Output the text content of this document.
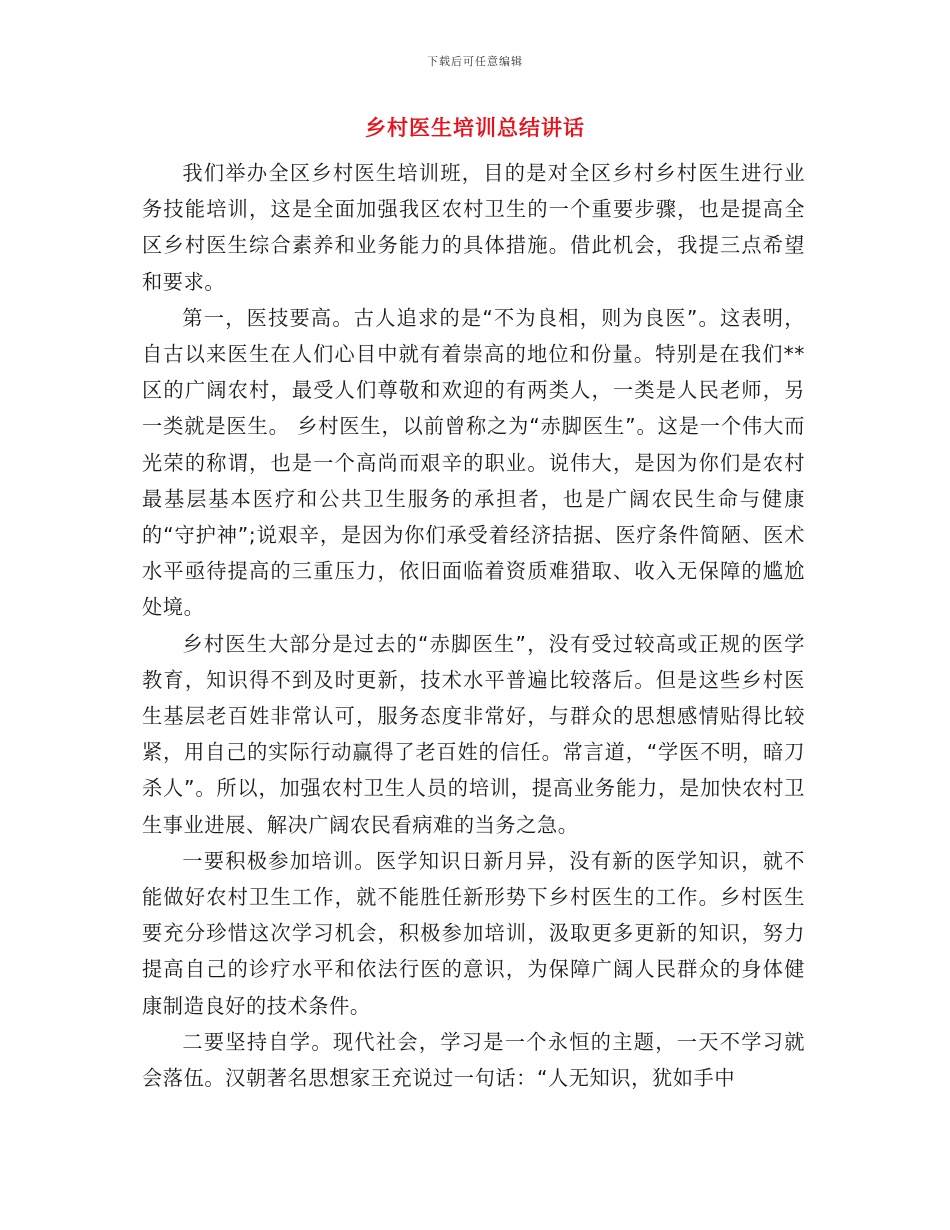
下载后可任意编辑
乡村医生培训总结讲话

我们举办全区乡村医生培训班，目的是对全区乡村乡村医生进行业务技能培训，这是全面加强我区农村卫生的一个重要步骤，也是提高全区乡村医生综合素养和业务能力的具体措施。借此机会，我提三点希望和要求。

第一，医技要高。古人追求的是“不为良相，则为良医”。这表明，自古以来医生在人们心目中就有着崇高的地位和份量。特别是在我们**区的广阔农村，最受人们尊敬和欢迎的有两类人，一类是人民老师，另一类就是医生。 乡村医生，以前曾称之为“赤脚医生”。这是一个伟大而光荣的称谓，也是一个高尚而艰辛的职业。说伟大，是因为你们是农村最基层基本医疗和公共卫生服务的承担者，也是广阔农民生命与健康的“守护神”;说艰辛，是因为你们承受着经济拮据、医疗条件简陋、医术水平亟待提高的三重压力，依旧面临着资质难猎取、收入无保障的尴尬处境。

乡村医生大部分是过去的“赤脚医生”，没有受过较高或正规的医学教育，知识得不到及时更新，技术水平普遍比较落后。但是这些乡村医生基层老百姓非常认可，服务态度非常好，与群众的思想感情贴得比较紧，用自己的实际行动赢得了老百姓的信任。常言道，“学医不明，暗刀杀人”。所以，加强农村卫生人员的培训，提高业务能力，是加快农村卫生事业进展、解决广阔农民看病难的当务之急。

一要积极参加培训。医学知识日新月异，没有新的医学知识，就不能做好农村卫生工作，就不能胜任新形势下乡村医生的工作。乡村医生要充分珍惜这次学习机会，积极参加培训，汲取更多更新的知识，努力提高自己的诊疗水平和依法行医的意识，为保障广阔人民群众的身体健康制造良好的技术条件。

二要坚持自学。现代社会，学习是一个永恒的主题，一天不学习就会落伍。汉朝著名思想家王充说过一句话：“人无知识，犹如手中
